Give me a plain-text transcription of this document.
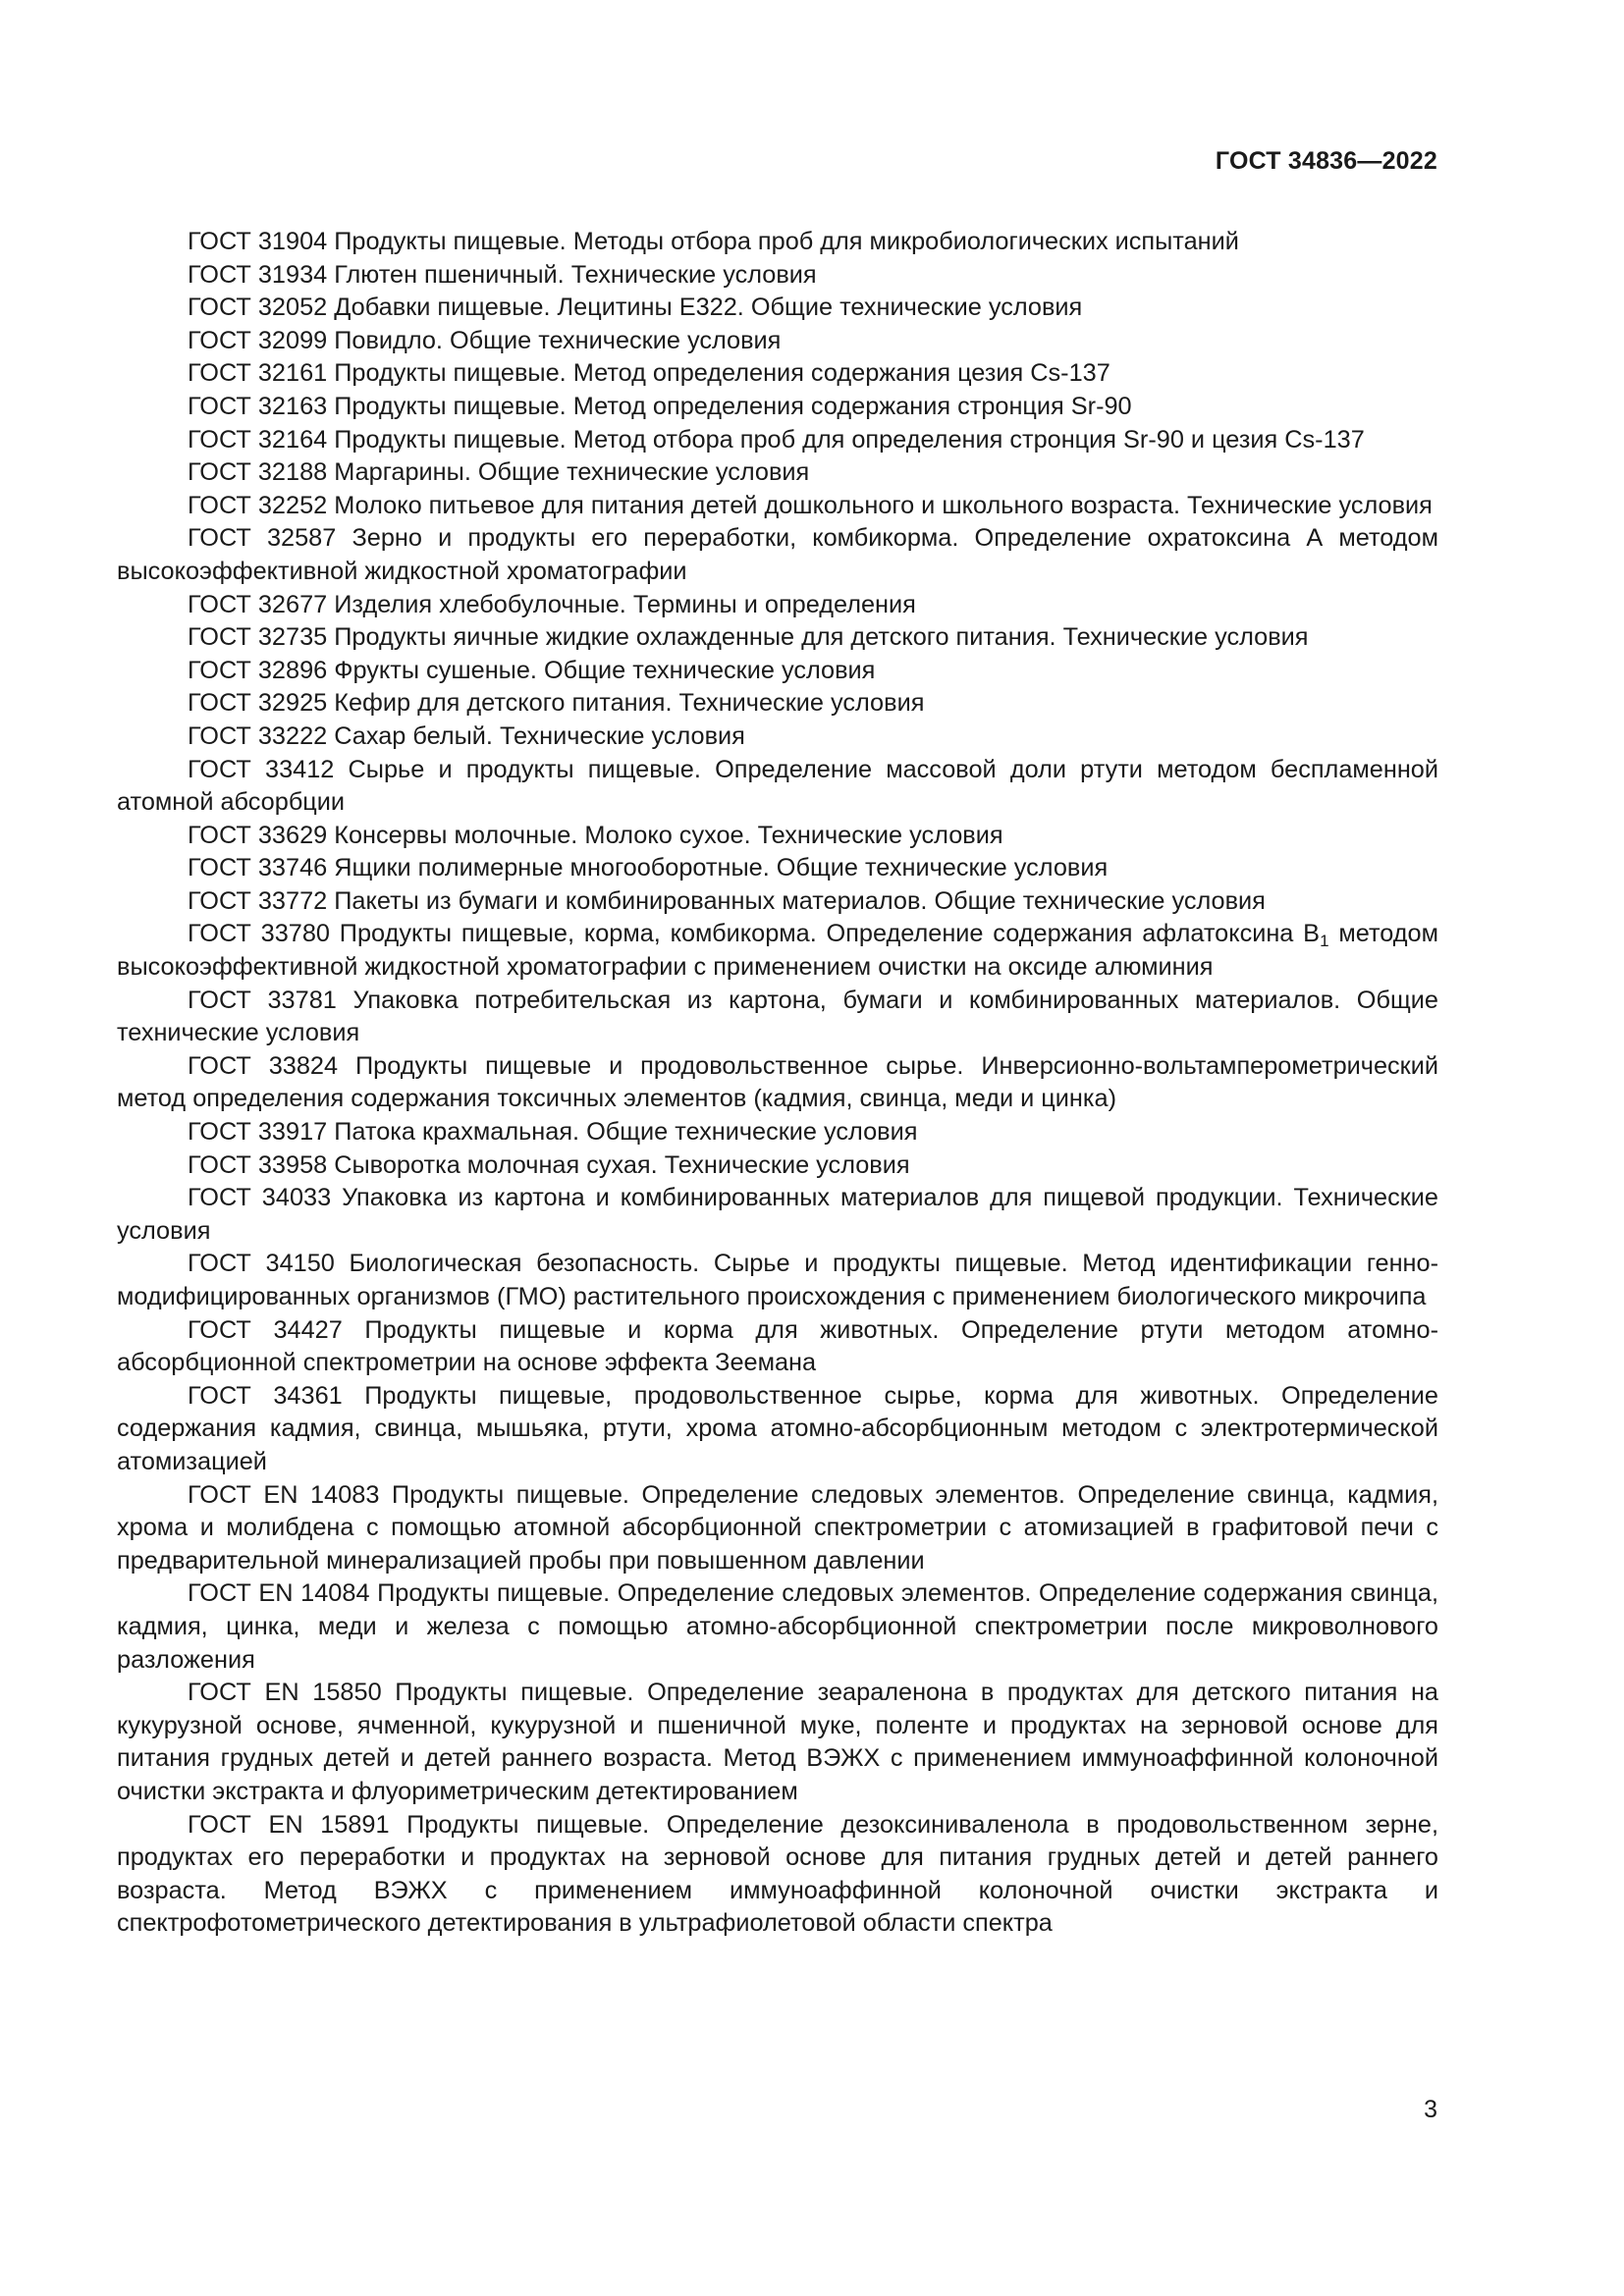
ГОСТ 34836—2022

ГОСТ 31904 Продукты пищевые. Методы отбора проб для микробиологических испытаний

ГОСТ 31934 Глютен пшеничный. Технические условия

ГОСТ 32052 Добавки пищевые. Лецитины Е322. Общие технические условия

ГОСТ 32099 Повидло. Общие технические условия

ГОСТ 32161 Продукты пищевые. Метод определения содержания цезия Cs-137

ГОСТ 32163 Продукты пищевые. Метод определения содержания стронция Sr-90

ГОСТ 32164 Продукты пищевые. Метод отбора проб для определения стронция Sr-90 и цезия Cs-137

ГОСТ 32188 Маргарины. Общие технические условия

ГОСТ 32252 Молоко питьевое для питания детей дошкольного и школьного возраста. Технические условия

ГОСТ 32587 Зерно и продукты его переработки, комбикорма. Определение охратоксина А методом высокоэффективной жидкостной хроматографии

ГОСТ 32677 Изделия хлебобулочные. Термины и определения

ГОСТ 32735 Продукты яичные жидкие охлажденные для детского питания. Технические условия

ГОСТ 32896 Фрукты сушеные. Общие технические условия

ГОСТ 32925 Кефир для детского питания. Технические условия

ГОСТ 33222 Сахар белый. Технические условия

ГОСТ 33412 Сырье и продукты пищевые. Определение массовой доли ртути методом беспламенной атомной абсорбции

ГОСТ 33629 Консервы молочные. Молоко сухое. Технические условия

ГОСТ 33746 Ящики полимерные многооборотные. Общие технические условия

ГОСТ 33772 Пакеты из бумаги и комбинированных материалов. Общие технические условия

ГОСТ 33780 Продукты пищевые, корма, комбикорма. Определение содержания афлатоксина $В_1$ методом высокоэффективной жидкостной хроматографии с применением очистки на оксиде алюминия

ГОСТ 33781 Упаковка потребительская из картона, бумаги и комбинированных материалов. Общие технические условия

ГОСТ 33824 Продукты пищевые и продовольственное сырье. Инверсионно-вольтамперометрический метод определения содержания токсичных элементов (кадмия, свинца, меди и цинка)

ГОСТ 33917 Патока крахмальная. Общие технические условия

ГОСТ 33958 Сыворотка молочная сухая. Технические условия

ГОСТ 34033 Упаковка из картона и комбинированных материалов для пищевой продукции. Технические условия

ГОСТ 34150 Биологическая безопасность. Сырье и продукты пищевые. Метод идентификации генно-модифицированных организмов (ГМО) растительного происхождения с применением биологического микрочипа

ГОСТ 34427 Продукты пищевые и корма для животных. Определение ртути методом атомно-абсорбционной спектрометрии на основе эффекта Зеемана

ГОСТ 34361 Продукты пищевые, продовольственное сырье, корма для животных. Определение содержания кадмия, свинца, мышьяка, ртути, хрома атомно-абсорбционным методом с электротермической атомизацией

ГОСТ EN 14083 Продукты пищевые. Определение следовых элементов. Определение свинца, кадмия, хрома и молибдена с помощью атомной абсорбционной спектрометрии с атомизацией в графитовой печи с предварительной минерализацией пробы при повышенном давлении

ГОСТ EN 14084 Продукты пищевые. Определение следовых элементов. Определение содержания свинца, кадмия, цинка, меди и железа с помощью атомно-абсорбционной спектрометрии после микроволнового разложения

ГОСТ EN 15850 Продукты пищевые. Определение зеараленона в продуктах для детского питания на кукурузной основе, ячменной, кукурузной и пшеничной муке, поленте и продуктах на зерновой основе для питания грудных детей и детей раннего возраста. Метод ВЭЖХ с применением иммуноаффинной колоночной очистки экстракта и флуориметрическим детектированием

ГОСТ EN 15891 Продукты пищевые. Определение дезоксиниваленола в продовольственном зерне, продуктах его переработки и продуктах на зерновой основе для питания грудных детей и детей раннего возраста. Метод ВЭЖХ с применением иммуноаффинной колоночной очистки экстракта и спектрофотометрического детектирования в ультрафиолетовой области спектра

3
